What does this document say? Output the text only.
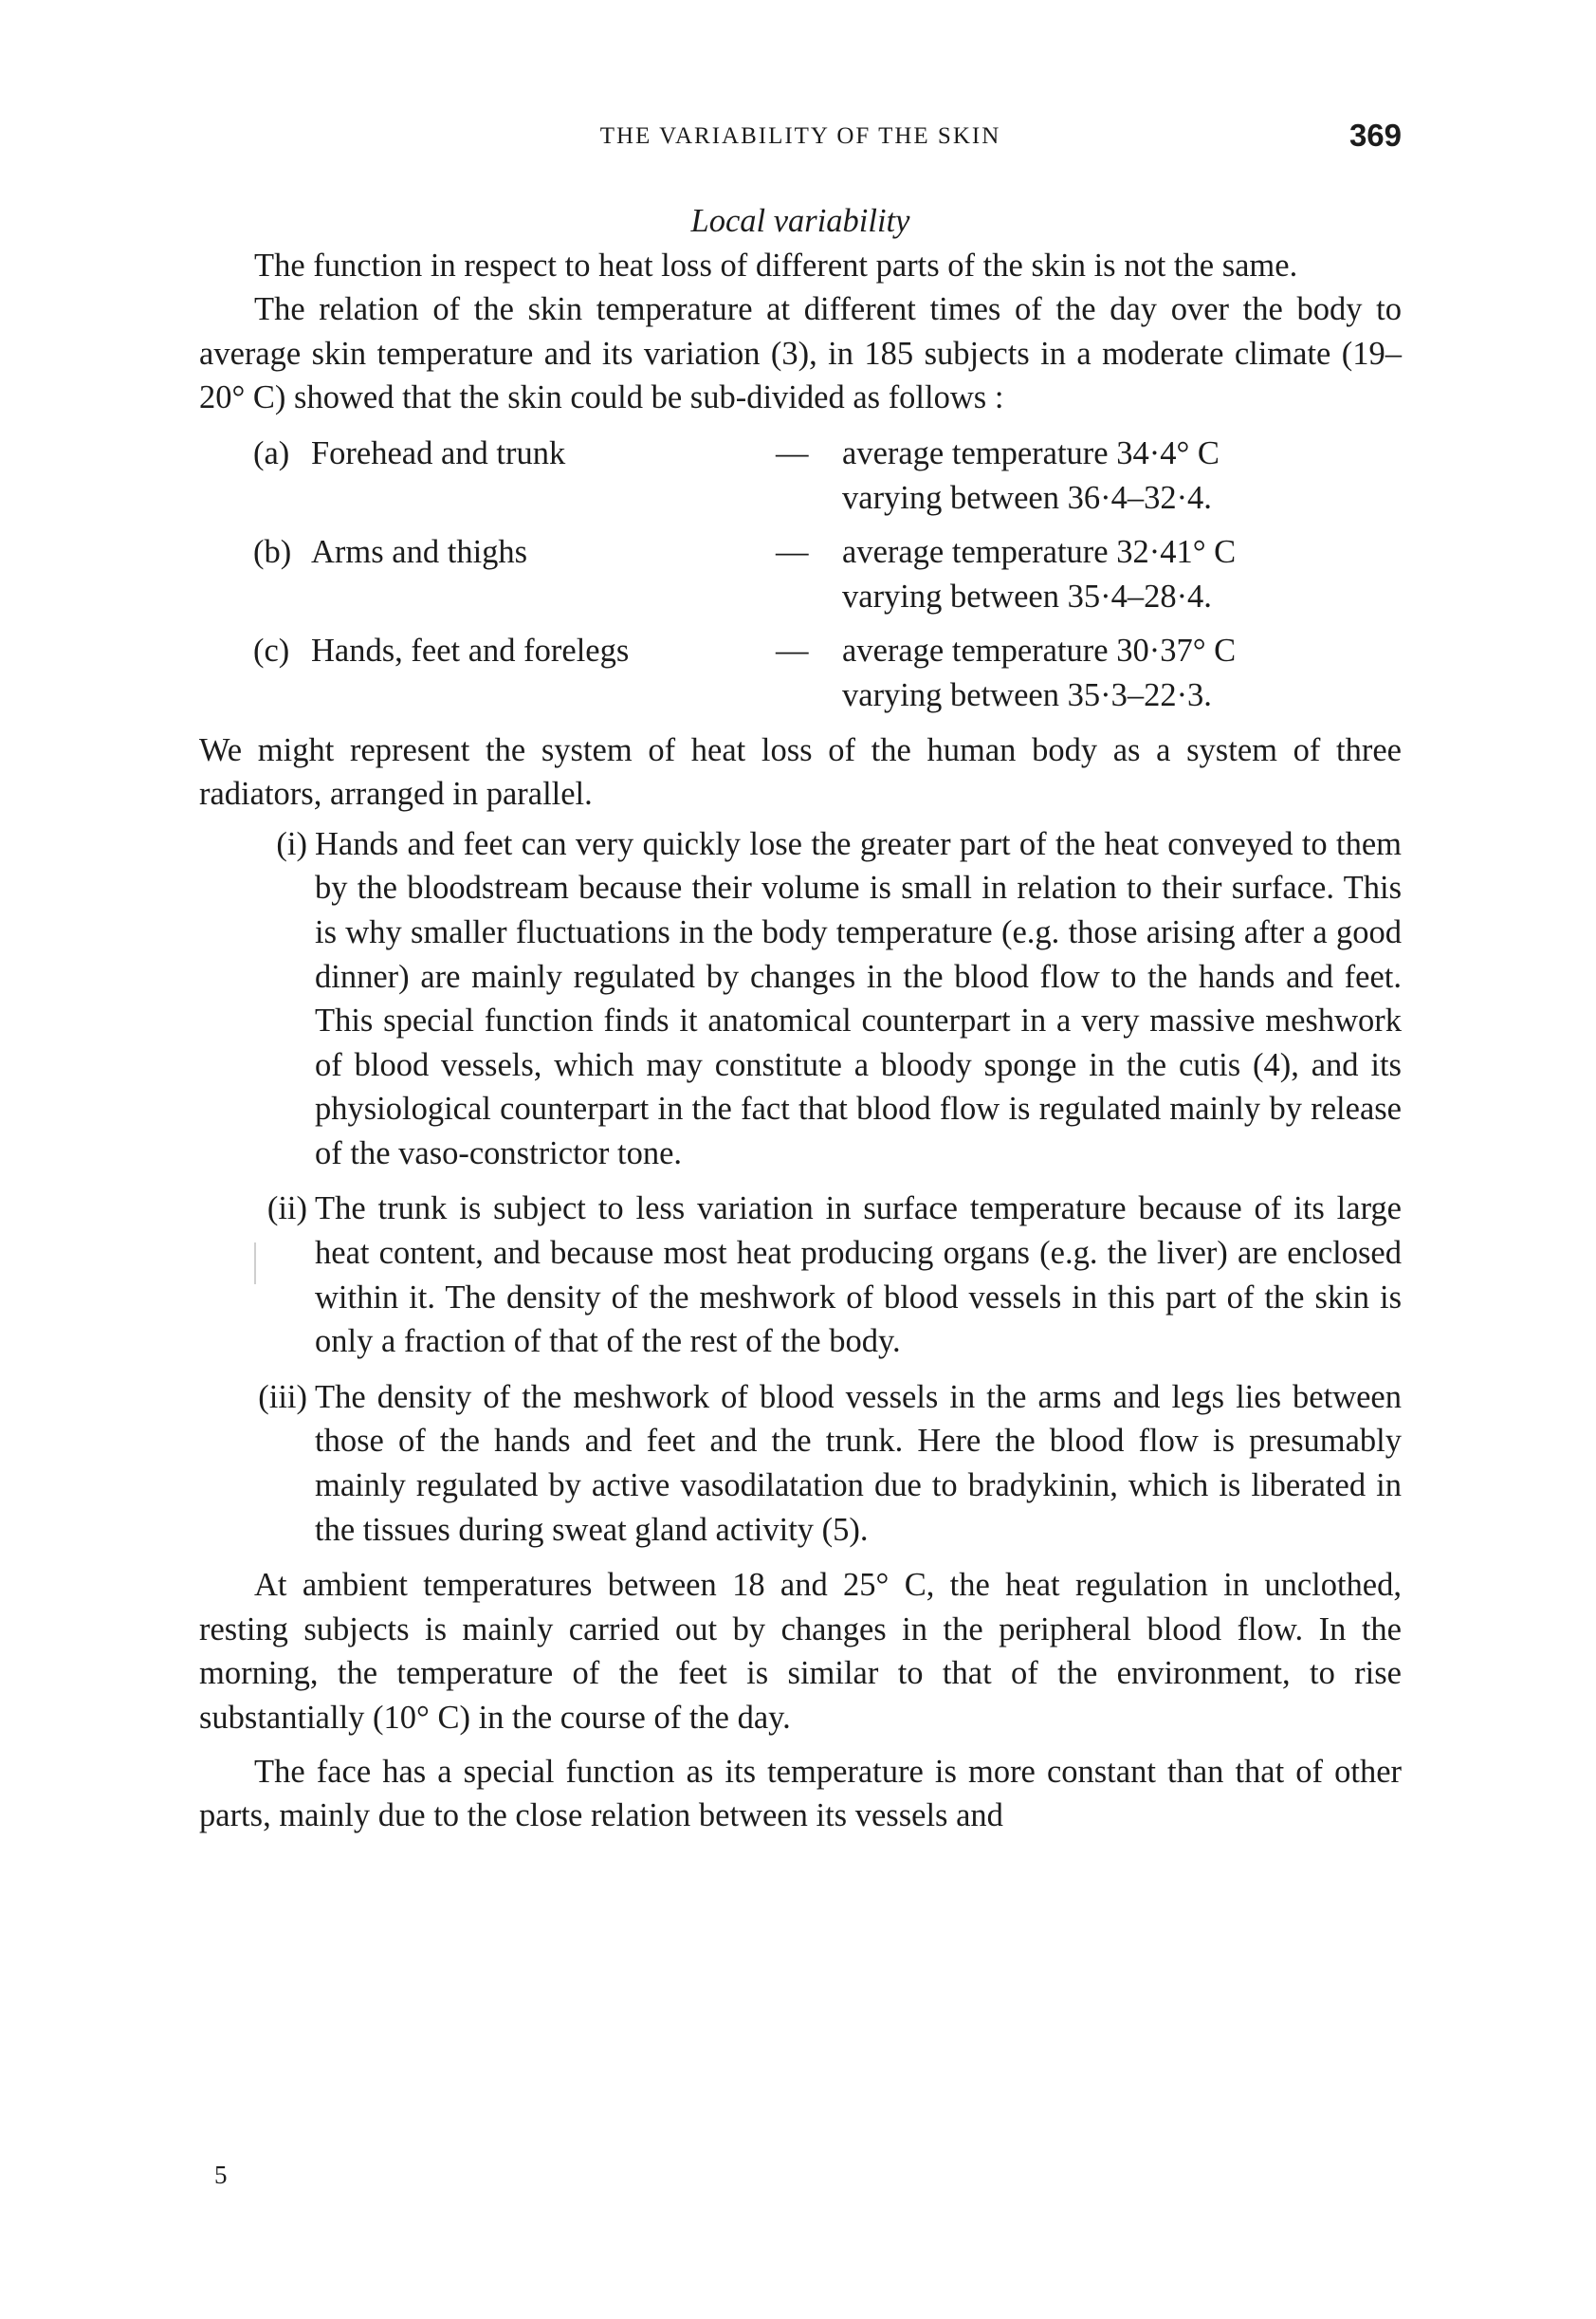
THE VARIABILITY OF THE SKIN	369

Local variability

The function in respect to heat loss of different parts of the skin is not the same.

The relation of the skin temperature at different times of the day over the body to average skin temperature and its variation (3), in 185 subjects in a moderate climate (19–20° C) showed that the skin could be sub-divided as follows :

(a) Forehead and trunk	—	average temperature 34·4° C
varying between 36·4–32·4.
(b) Arms and thighs	—	average temperature 32·41° C
varying between 35·4–28·4.
(c) Hands, feet and forelegs	—	average temperature 30·37° C
varying between 35·3–22·3.

We might represent the system of heat loss of the human body as a system of three radiators, arranged in parallel.

(i) Hands and feet can very quickly lose the greater part of the heat conveyed to them by the bloodstream because their volume is small in relation to their surface. This is why smaller fluctuations in the body temperature (e.g. those arising after a good dinner) are mainly regulated by changes in the blood flow to the hands and feet. This special function finds it anatomical counterpart in a very massive meshwork of blood vessels, which may constitute a bloody sponge in the cutis (4), and its physiological counterpart in the fact that blood flow is regulated mainly by release of the vaso-constrictor tone.
(ii) The trunk is subject to less variation in surface temperature because of its large heat content, and because most heat producing organs (e.g. the liver) are enclosed within it. The density of the meshwork of blood vessels in this part of the skin is only a fraction of that of the rest of the body.
(iii) The density of the meshwork of blood vessels in the arms and legs lies between those of the hands and feet and the trunk. Here the blood flow is presumably mainly regulated by active vasodilatation due to bradykinin, which is liberated in the tissues during sweat gland activity (5).

At ambient temperatures between 18 and 25° C, the heat regulation in unclothed, resting subjects is mainly carried out by changes in the peripheral blood flow. In the morning, the temperature of the feet is similar to that of the environment, to rise substantially (10° C) in the course of the day.

The face has a special function as its temperature is more constant than that of other parts, mainly due to the close relation between its vessels and

5
